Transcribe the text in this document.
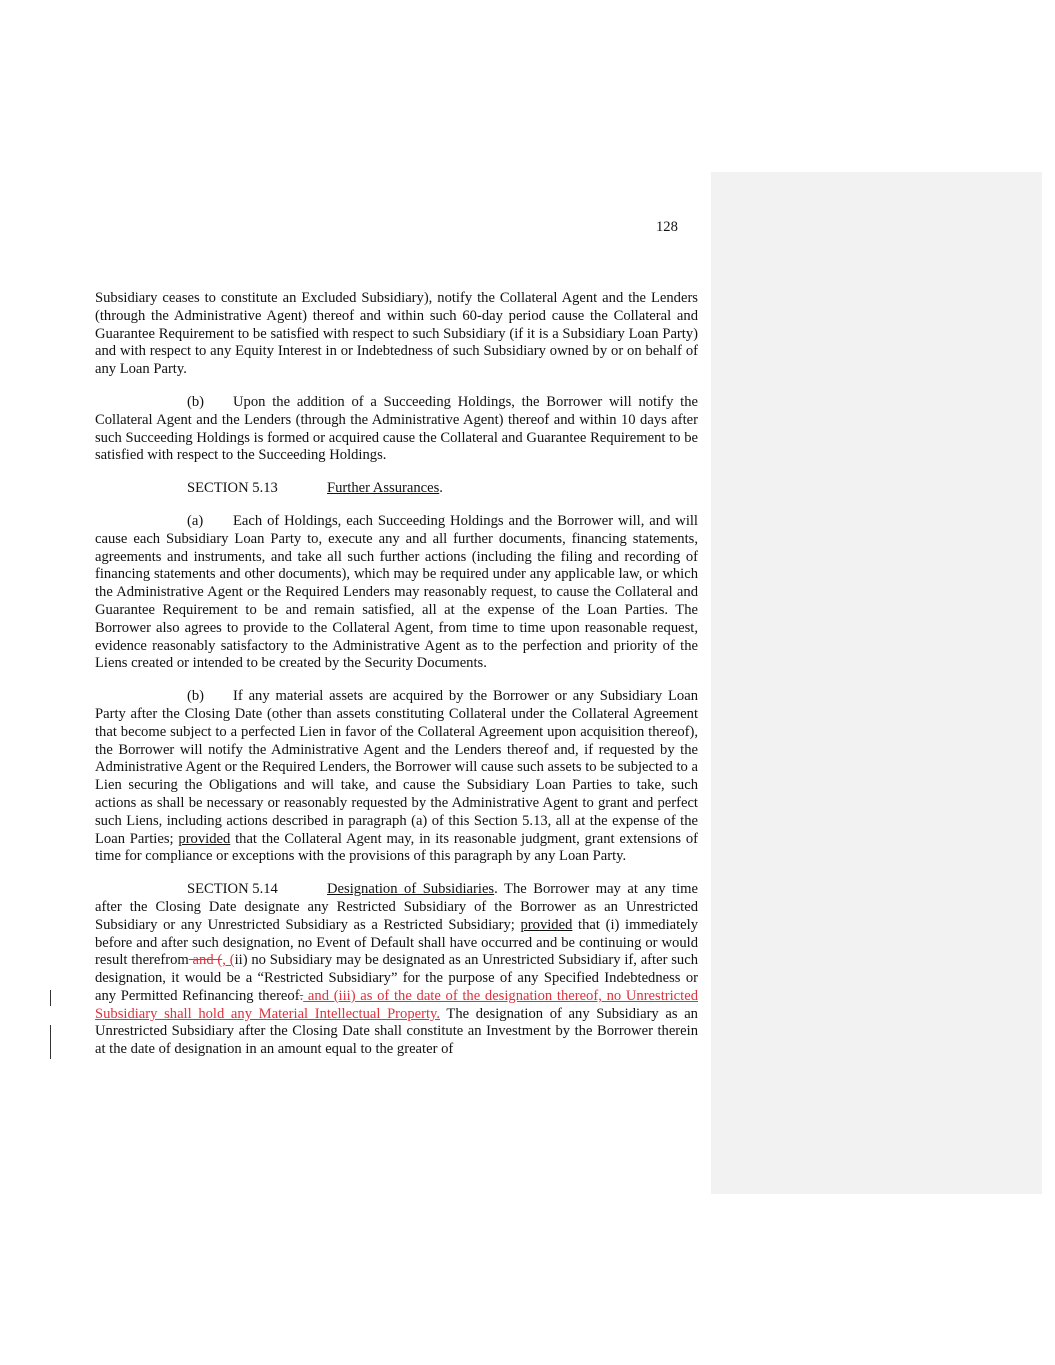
128

Subsidiary ceases to constitute an Excluded Subsidiary), notify the Collateral Agent and the Lenders (through the Administrative Agent) thereof and within such 60-day period cause the Collateral and Guarantee Requirement to be satisfied with respect to such Subsidiary (if it is a Subsidiary Loan Party) and with respect to any Equity Interest in or Indebtedness of such Subsidiary owned by or on behalf of any Loan Party.

(b) Upon the addition of a Succeeding Holdings, the Borrower will notify the Collateral Agent and the Lenders (through the Administrative Agent) thereof and within 10 days after such Succeeding Holdings is formed or acquired cause the Collateral and Guarantee Requirement to be satisfied with respect to the Succeeding Holdings.

SECTION 5.13	Further Assurances.

(a) Each of Holdings, each Succeeding Holdings and the Borrower will, and will cause each Subsidiary Loan Party to, execute any and all further documents, financing statements, agreements and instruments, and take all such further actions (including the filing and recording of financing statements and other documents), which may be required under any applicable law, or which the Administrative Agent or the Required Lenders may reasonably request, to cause the Collateral and Guarantee Requirement to be and remain satisfied, all at the expense of the Loan Parties. The Borrower also agrees to provide to the Collateral Agent, from time to time upon reasonable request, evidence reasonably satisfactory to the Administrative Agent as to the perfection and priority of the Liens created or intended to be created by the Security Documents.

(b) If any material assets are acquired by the Borrower or any Subsidiary Loan Party after the Closing Date (other than assets constituting Collateral under the Collateral Agreement that become subject to a perfected Lien in favor of the Collateral Agreement upon acquisition thereof), the Borrower will notify the Administrative Agent and the Lenders thereof and, if requested by the Administrative Agent or the Required Lenders, the Borrower will cause such assets to be subjected to a Lien securing the Obligations and will take, and cause the Subsidiary Loan Parties to take, such actions as shall be necessary or reasonably requested by the Administrative Agent to grant and perfect such Liens, including actions described in paragraph (a) of this Section 5.13, all at the expense of the Loan Parties; provided that the Collateral Agent may, in its reasonable judgment, grant extensions of time for compliance or exceptions with the provisions of this paragraph by any Loan Party.

SECTION 5.14	Designation of Subsidiaries. The Borrower may at any time after the Closing Date designate any Restricted Subsidiary of the Borrower as an Unrestricted Subsidiary or any Unrestricted Subsidiary as a Restricted Subsidiary; provided that (i) immediately before and after such designation, no Event of Default shall have occurred and be continuing or would result therefrom and (, (ii) no Subsidiary may be designated as an Unrestricted Subsidiary if, after such designation, it would be a “Restricted Subsidiary” for the purpose of any Specified Indebtedness or any Permitted Refinancing thereof. and (iii) as of the date of the designation thereof, no Unrestricted Subsidiary shall hold any Material Intellectual Property. The designation of any Subsidiary as an Unrestricted Subsidiary after the Closing Date shall constitute an Investment by the Borrower therein at the date of designation in an amount equal to the greater of
